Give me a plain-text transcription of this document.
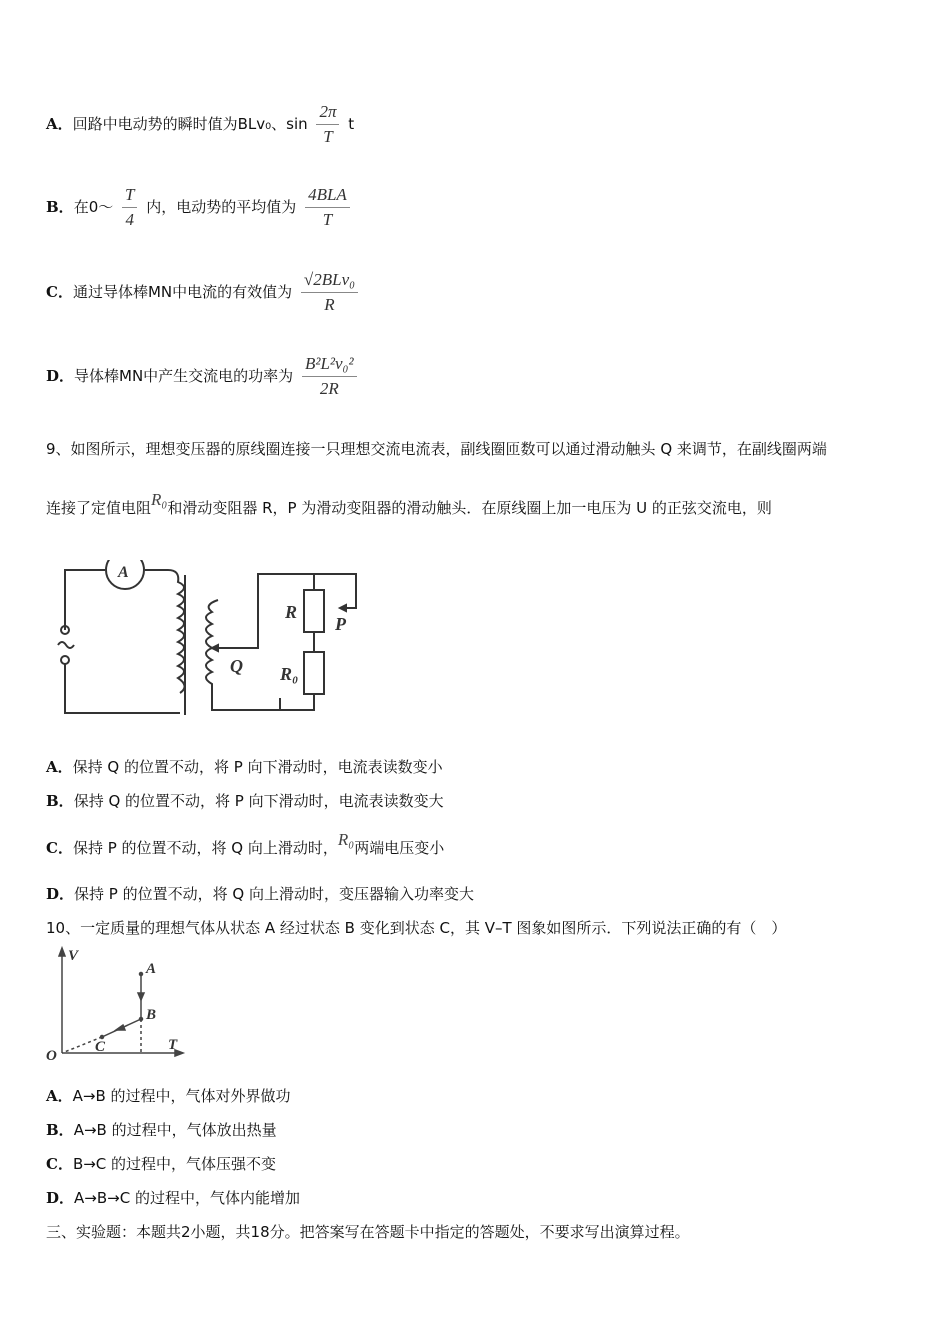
A．回路中电动势的瞬时值为BLv₀、$\sin \frac{2\pi}{T}$ t
B．在0～ $\frac{T}{4}$ 内，电动势的平均值为 $\frac{\text{4BLA}}{T}$
C．通过导体棒MN中电流的有效值为 $\frac{\text{√2BLv₀}}{R}$
D．导体棒MN中产生交流电的功率为 $\frac{\text{B²L²v₀²}}{2R}$
9、如图所示，理想变压器的原线圈连接一只理想交流电流表，副线圈匝数可以通过滑动触头 Q 来调节，在副线圈两端
连接了定值电阻R₀和滑动变阻器 R，P 为滑动变阻器的滑动触头．在原线圈上加一电压为 U 的正弦交流电，则
A
R
P
Q R₀
A．保持 Q 的位置不动，将 P 向下滑动时，电流表读数变小
B．保持 Q 的位置不动，将 P 向下滑动时，电流表读数变大
C．保持 P 的位置不动，将 Q 向上滑动时，R₀两端电压变小
D．保持 P 的位置不动，将 Q 向上滑动时，变压器输入功率变大
10、一定质量的理想气体从状态 A 经过状态 B 变化到状态 C，其 V–T 图象如图所示．下列说法正确的有（　）
V
T
O
A
B
C
A．A→B 的过程中，气体对外界做功
B．A→B 的过程中，气体放出热量
C．B→C 的过程中，气体压强不变
D．A→B→C 的过程中，气体内能增加
三、实验题：本题共2小题，共18分。把答案写在答题卡中指定的答题处，不要求写出演算过程。
